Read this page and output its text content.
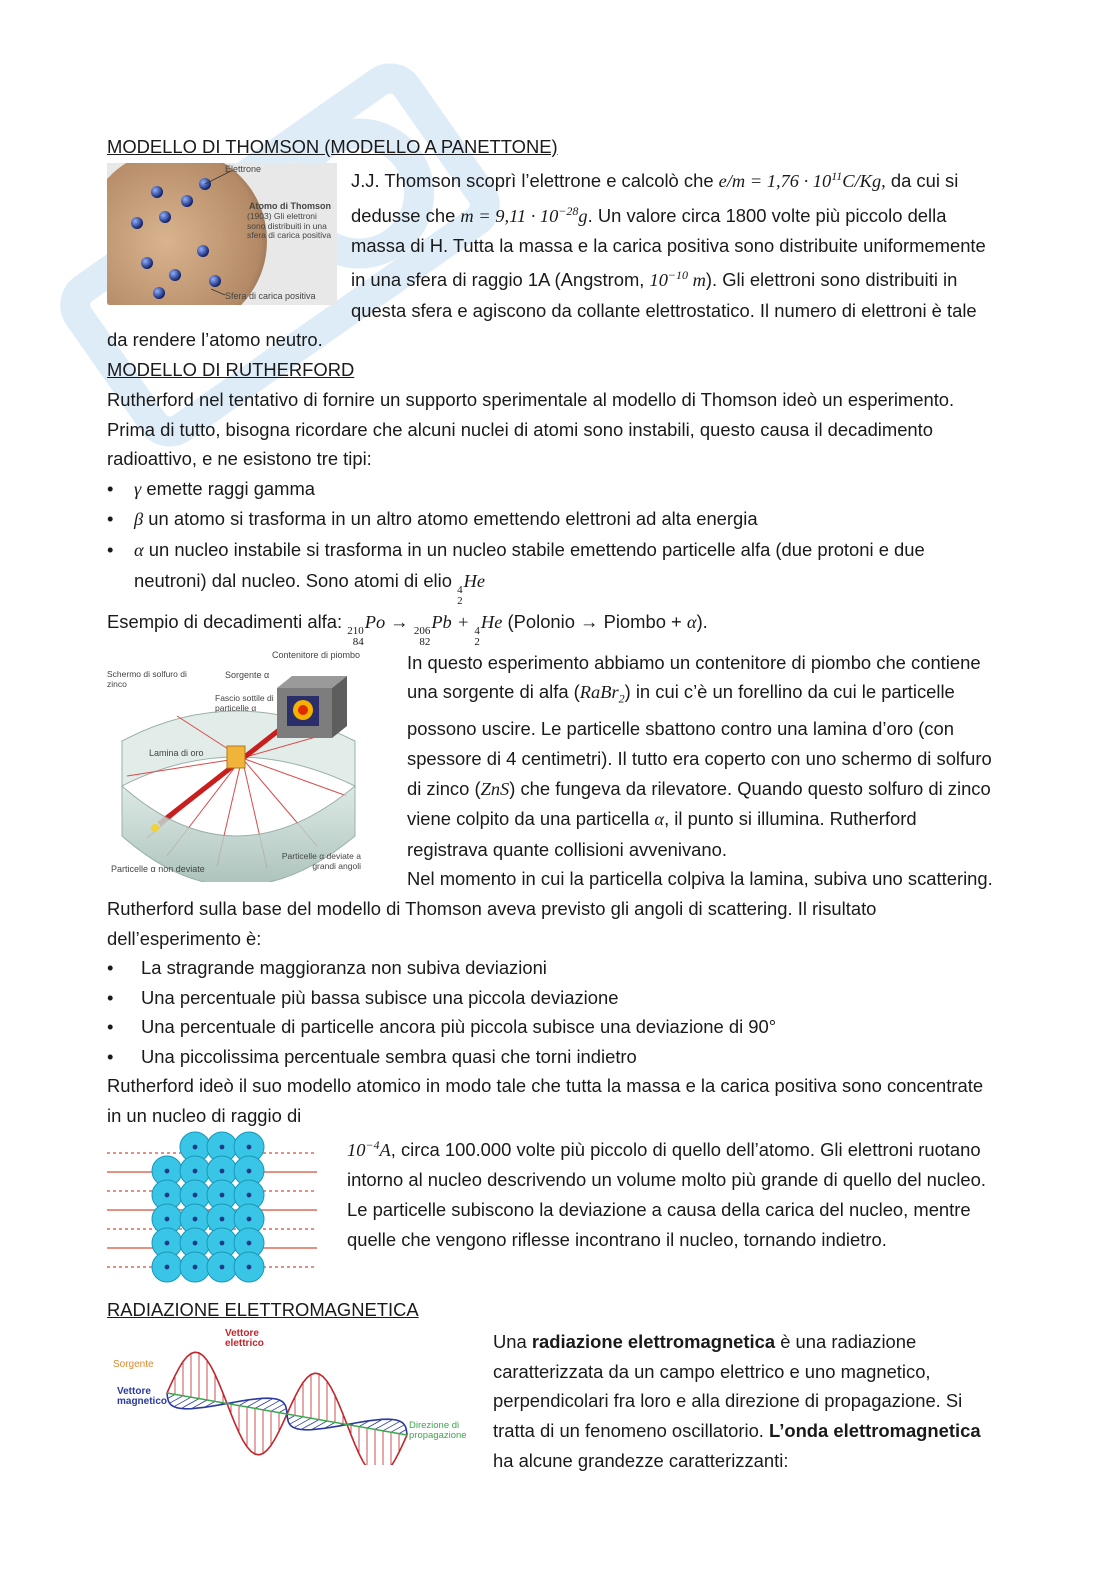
MODELLO DI THOMSON (MODELLO A PANETTONE)
Elettrone
Atomo di Thomson
(1903) Gli elettroni sono distribuiti in una sfera di carica positiva
Sfera di carica positiva

J.J. Thomson scoprì l’elettrone e calcolò che $e/m = 1,76 \cdot 10^{11}C/Kg$, da cui si dedusse che $m = 9,11 \cdot 10^{-28}g$. Un valore circa 1800 volte più piccolo della massa di H. Tutta la massa e la carica positiva sono distribuite uniformemente in una sfera di raggio 1A (Angstrom, $10^{-10}$ m). Gli elettroni sono distribuiti in questa sfera e agiscono da collante elettrostatico. Il numero di elettroni è tale da rendere l’atomo neutro.

MODELLO DI RUTHERFORD

Rutherford nel tentativo di fornire un supporto sperimentale al modello di Thomson ideò un esperimento. Prima di tutto, bisogna ricordare che alcuni nuclei di atomi sono instabili, questo causa il decadimento radioattivo, e ne esistono tre tipi:

• γ emette raggi gamma
• β un atomo si trasforma in un altro atomo emettendo elettroni ad alta energia
• α un nucleo instabile si trasforma in un nucleo stabile emettendo particelle alfa (due protoni e due neutroni) dal nucleo. Sono atomi di elio 4
2
He

Esempio di decadimenti alfa: 210
84
Po → 206
82
Pb + 4
2
He (Polonio → Piombo + α).

Contenitore di piombo
Sorgente α
Schermo di solfuro di zinco
Fascio sottile di particelle α
Lamina di oro
Particelle α non deviate
Particelle α deviate a grandi angoli

In questo esperimento abbiamo un contenitore di piombo che contiene una sorgente di alfa (RaBr$_2$) in cui c’è un forellino da cui le particelle possono uscire. Le particelle sbattono contro una lamina d’oro (con spessore di 4 centimetri). Il tutto era coperto con uno schermo di solfuro di zinco (ZnS) che fungeva da rilevatore. Quando questo solfuro di zinco viene colpito da una particella α, il punto si illumina. Rutherford registrava quante collisioni avvenivano.

Nel momento in cui la particella colpiva la lamina, subiva uno scattering. Rutherford sulla base del modello di Thomson aveva previsto gli angoli di scattering. Il risultato dell’esperimento è:

• La stragrande maggioranza non subiva deviazioni
• Una percentuale più bassa subisce una piccola deviazione
• Una percentuale di particelle ancora più piccola subisce una deviazione di 90°
• Una piccolissima percentuale sembra quasi che torni indietro

Rutherford ideò il suo modello atomico in modo tale che tutta la massa e la carica positiva sono concentrate in un nucleo di raggio di

$10^{-4}A$, circa 100.000 volte più piccolo di quello dell’atomo. Gli elettroni ruotano intorno al nucleo descrivendo un volume molto più grande di quello del nucleo.

Le particelle subiscono la deviazione a causa della carica del nucleo, mentre quelle che vengono riflesse incontrano il nucleo, tornando indietro.

RADIAZIONE ELETTROMAGNETICA
Sorgente
Vettore elettrico
Vettore magnetico
Direzione di propagazione

Una radiazione elettromagnetica è una radiazione caratterizzata da un campo elettrico e uno magnetico, perpendicolari fra loro e alla direzione di propagazione. Si tratta di un fenomeno oscillatorio. L’onda elettromagnetica ha alcune grandezze caratterizzanti:
